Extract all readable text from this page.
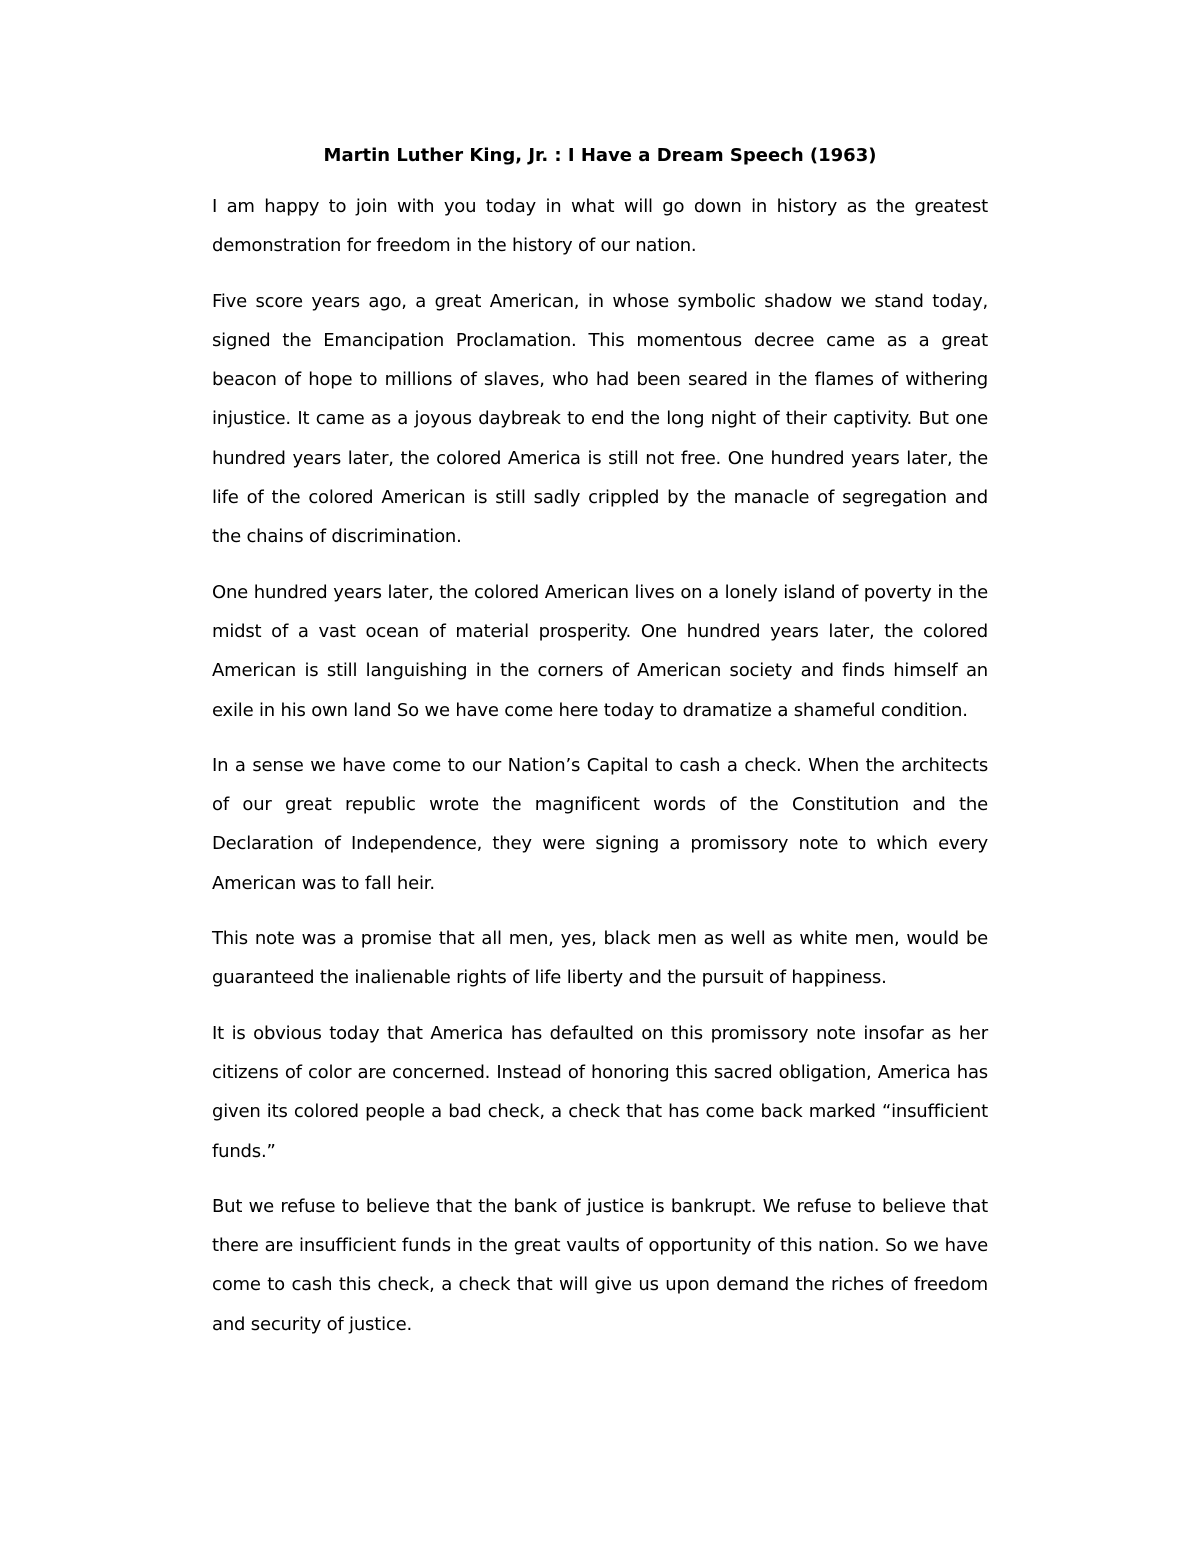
Martin Luther King, Jr. : I Have a Dream Speech (1963)

I am happy to join with you today in what will go down in history as the greatest demonstration for freedom in the history of our nation.

Five score years ago, a great American, in whose symbolic shadow we stand today, signed the Emancipation Proclamation. This momentous decree came as a great beacon of hope to millions of slaves, who had been seared in the flames of withering injustice. It came as a joyous daybreak to end the long night of their captivity. But one hundred years later, the colored America is still not free. One hundred years later, the life of the colored American is still sadly crippled by the manacle of segregation and the chains of discrimination.

One hundred years later, the colored American lives on a lonely island of poverty in the midst of a vast ocean of material prosperity. One hundred years later, the colored American is still languishing in the corners of American society and finds himself an exile in his own land So we have come here today to dramatize a shameful condition.

In a sense we have come to our Nation’s Capital to cash a check. When the architects of our great republic wrote the magnificent words of the Constitution and the Declaration of Independence, they were signing a promissory note to which every American was to fall heir.

This note was a promise that all men, yes, black men as well as white men, would be guaranteed the inalienable rights of life liberty and the pursuit of happiness.

It is obvious today that America has defaulted on this promissory note insofar as her citizens of color are concerned. Instead of honoring this sacred obligation, America has given its colored people a bad check, a check that has come back marked “insufficient funds.”

But we refuse to believe that the bank of justice is bankrupt. We refuse to believe that there are insufficient funds in the great vaults of opportunity of this nation. So we have come to cash this check, a check that will give us upon demand the riches of freedom and security of justice.
